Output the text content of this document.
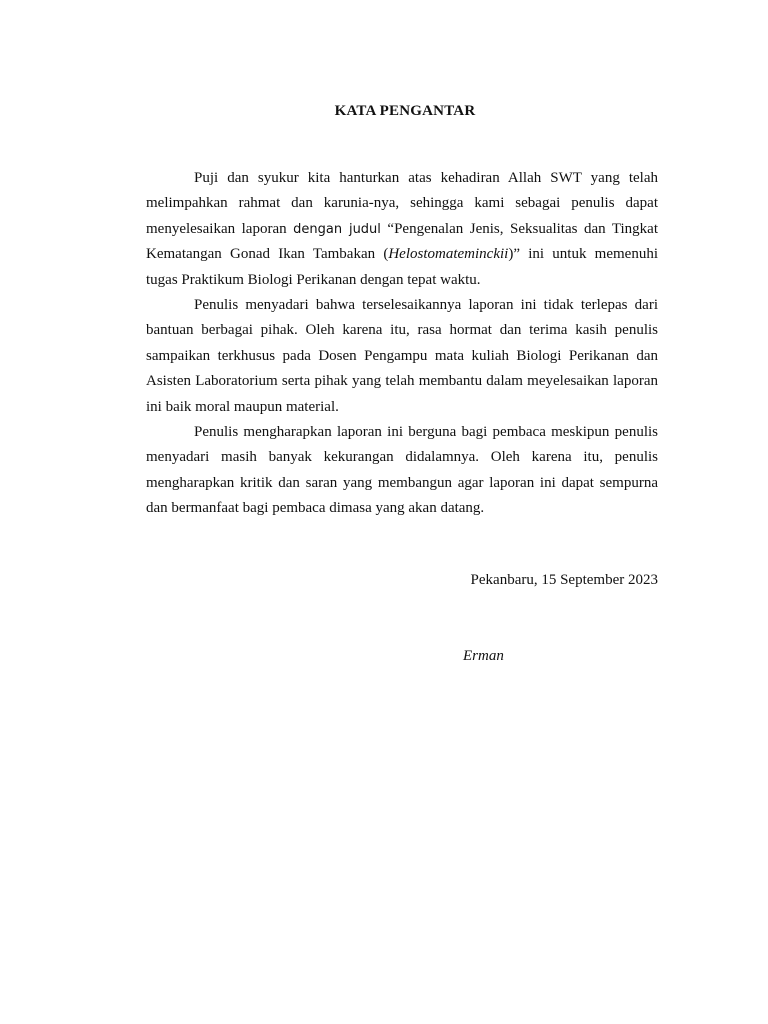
KATA PENGANTAR

Puji dan syukur kita hanturkan atas kehadiran Allah SWT yang telah melimpahkan rahmat dan karunia-nya, sehingga kami sebagai penulis dapat menyelesaikan laporan dengan judul “Pengenalan Jenis, Seksualitas dan Tingkat Kematangan Gonad Ikan Tambakan (Helostomateminckii)” ini untuk memenuhi tugas Praktikum Biologi Perikanan dengan tepat waktu.

Penulis menyadari bahwa terselesaikannya laporan ini tidak terlepas dari bantuan berbagai pihak. Oleh karena itu, rasa hormat dan terima kasih penulis sampaikan terkhusus pada Dosen Pengampu mata kuliah Biologi Perikanan dan Asisten Laboratorium serta pihak yang telah membantu dalam meyelesaikan laporan ini baik moral maupun material.

Penulis mengharapkan laporan ini berguna bagi pembaca meskipun penulis menyadari masih banyak kekurangan didalamnya. Oleh karena itu, penulis mengharapkan kritik dan saran yang membangun agar laporan ini dapat sempurna dan bermanfaat bagi pembaca dimasa yang akan datang.

Pekanbaru, 15 September 2023
Erman
